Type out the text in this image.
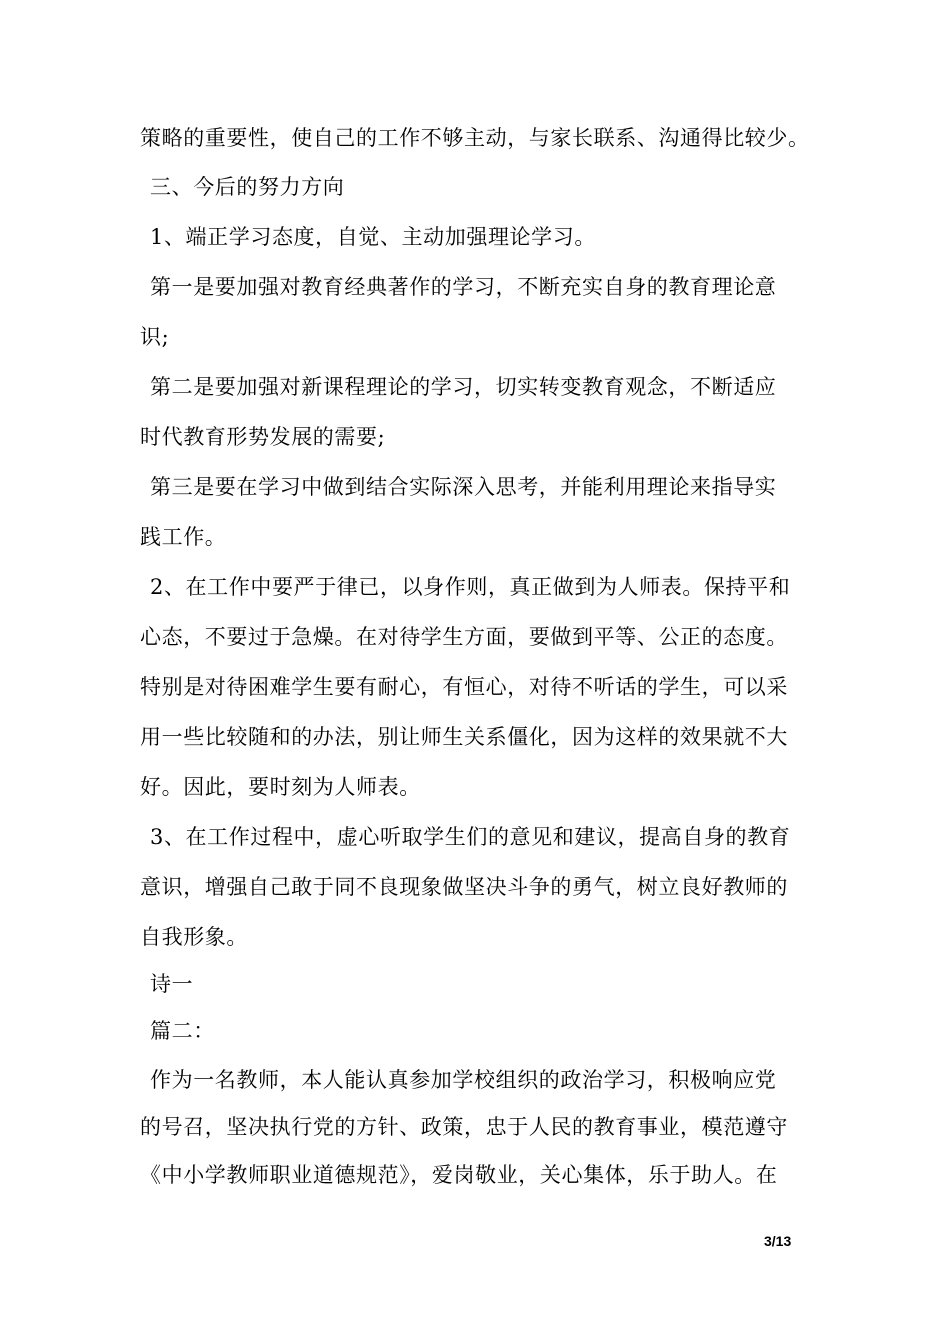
策略的重要性，使自己的工作不够主动，与家长联系、沟通得比较少。
三、今后的努力方向
1、端正学习态度，自觉、主动加强理论学习。
第一是要加强对教育经典著作的学习，不断充实自身的教育理论意
识;
第二是要加强对新课程理论的学习，切实转变教育观念，不断适应
时代教育形势发展的需要;
第三是要在学习中做到结合实际深入思考，并能利用理论来指导实
践工作。
2、在工作中要严于律已，以身作则，真正做到为人师表。保持平和
心态，不要过于急燥。在对待学生方面，要做到平等、公正的态度。
特别是对待困难学生要有耐心，有恒心，对待不听话的学生，可以采
用一些比较随和的办法，别让师生关系僵化，因为这样的效果就不大
好。因此，要时刻为人师表。
3、在工作过程中，虚心听取学生们的意见和建议，提高自身的教育
意识，增强自己敢于同不良现象做坚决斗争的勇气，树立良好教师的
自我形象。
诗一
篇二：
作为一名教师，本人能认真参加学校组织的政治学习，积极响应党
的号召，坚决执行党的方针、政策，忠于人民的教育事业，模范遵守
《中小学教师职业道德规范》，爱岗敬业，关心集体，乐于助人。在
3/13
